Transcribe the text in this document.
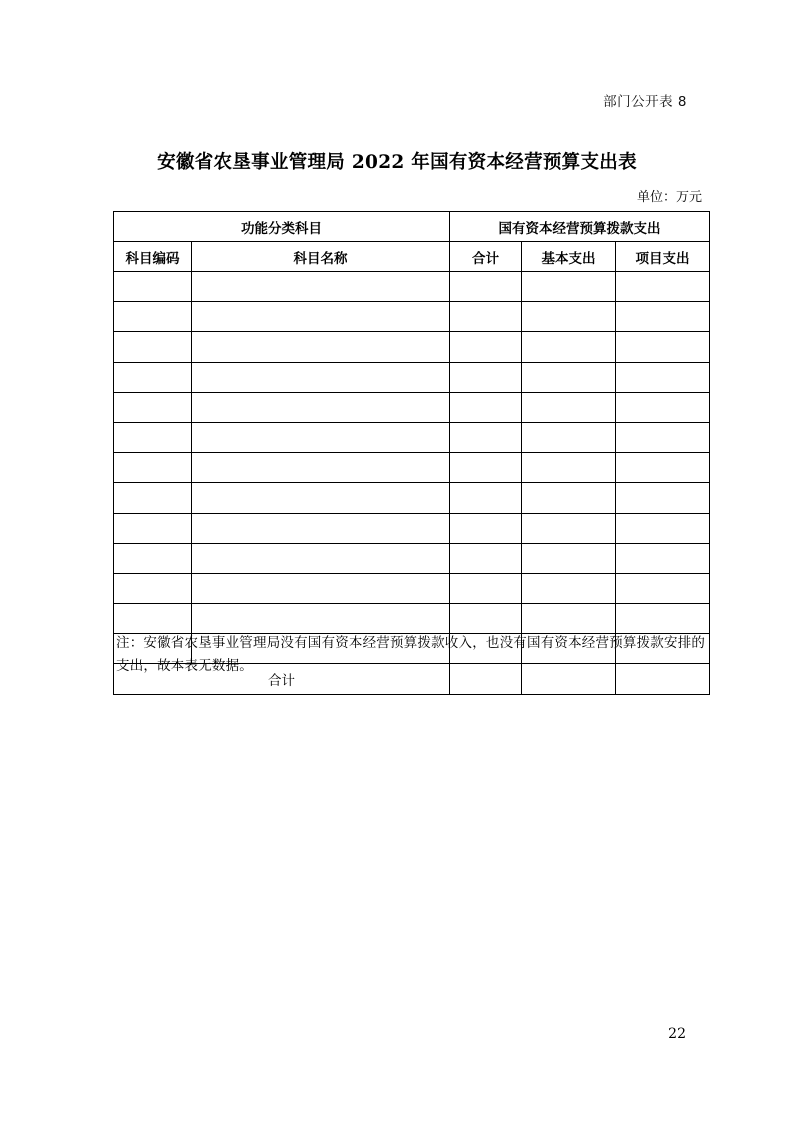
部门公开表 8
安徽省农垦事业管理局 2022 年国有资本经营预算支出表
单位：万元
功能分类科目		国有资本经营预算拨款支出		
科目编码	科目名称	合计	基本支出	项目支出

合计				
注：安徽省农垦事业管理局没有国有资本经营预算拨款收入，也没有国有资本经营预算拨款安排的支出，故本表无数据。
22
